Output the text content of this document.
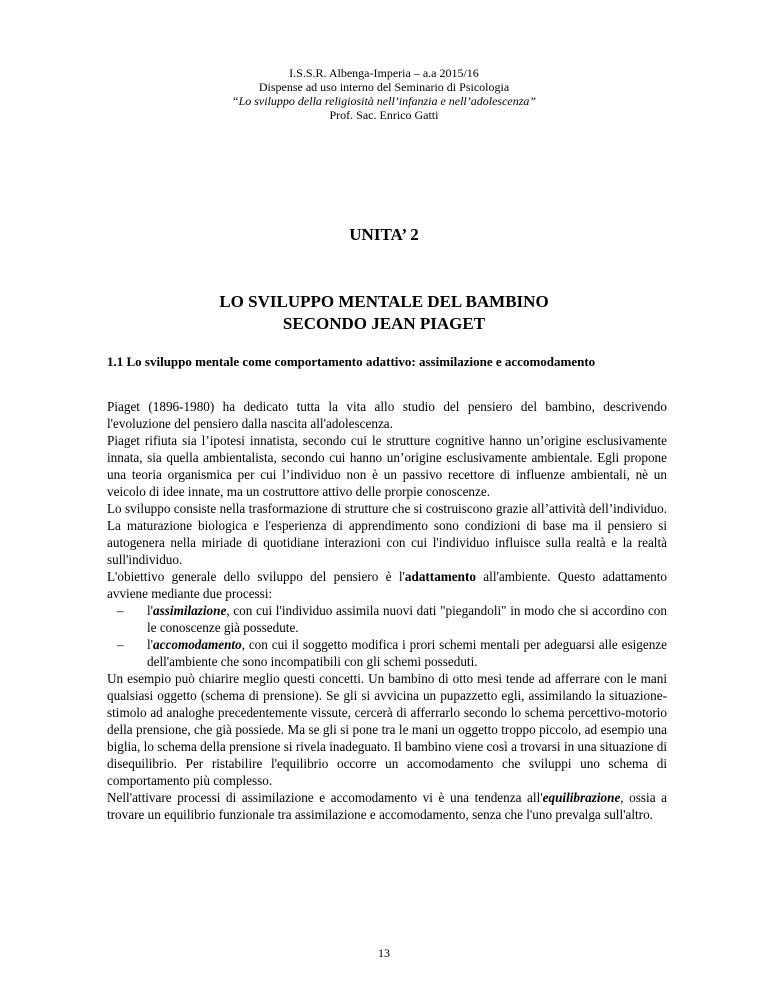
I.S.S.R. Albenga-Imperia – a.a 2015/16
Dispense ad uso interno del Seminario di Psicologia
“Lo sviluppo della religiosità nell’infanzia e nell’adolescenza”
Prof. Sac. Enrico Gatti
UNITA’ 2
LO SVILUPPO MENTALE DEL BAMBINO
SECONDO JEAN PIAGET
1.1 Lo sviluppo mentale come comportamento adattivo: assimilazione e accomodamento

Piaget (1896-1980) ha dedicato tutta la vita allo studio del pensiero del bambino, descrivendo l'evoluzione del pensiero dalla nascita all'adolescenza.

Piaget rifiuta sia l’ipotesi innatista, secondo cui le strutture cognitive hanno un’origine esclusivamente innata, sia quella ambientalista, secondo cui hanno un’origine esclusivamente ambientale. Egli propone una teoria organismica per cui l’individuo non è un passivo recettore di influenze ambientali, nè un veicolo di idee innate, ma un costruttore attivo delle prorpie conoscenze.

Lo sviluppo consiste nella trasformazione di strutture che si costruiscono grazie all’attività dell’individuo. La maturazione biologica e l'esperienza di apprendimento sono condizioni di base ma il pensiero si autogenera nella miriade di quotidiane interazioni con cui l'individuo influisce sulla realtà e la realtà sull'individuo.

L'obiettivo generale dello sviluppo del pensiero è l'adattamento all'ambiente. Questo adattamento avviene mediante due processi:

– l'assimilazione, con cui l'individuo assimila nuovi dati "piegandoli" in modo che si accordino con le conoscenze già possedute.
– l'accomodamento, con cui il soggetto modifica i prori schemi mentali per adeguarsi alle esigenze dell'ambiente che sono incompatibili con gli schemi posseduti.

Un esempio può chiarire meglio questi concetti. Un bambino di otto mesi tende ad afferrare con le mani qualsiasi oggetto (schema di prensione). Se gli si avvicina un pupazzetto egli, assimilando la situazione-stimolo ad analoghe precedentemente vissute, cercerà di afferrarlo secondo lo schema percettivo-motorio della prensione, che già possiede. Ma se gli si pone tra le mani un oggetto troppo piccolo, ad esempio una biglia, lo schema della prensione si rivela inadeguato. Il bambino viene così a trovarsi in una situazione di disequilibrio. Per ristabilire l'equilibrio occorre un accomodamento che sviluppi uno schema di comportamento più complesso.

Nell'attivare processi di assimilazione e accomodamento vi è una tendenza all'equilibrazione, ossia a trovare un equilibrio funzionale tra assimilazione e accomodamento, senza che l'uno prevalga sull'altro.

13
